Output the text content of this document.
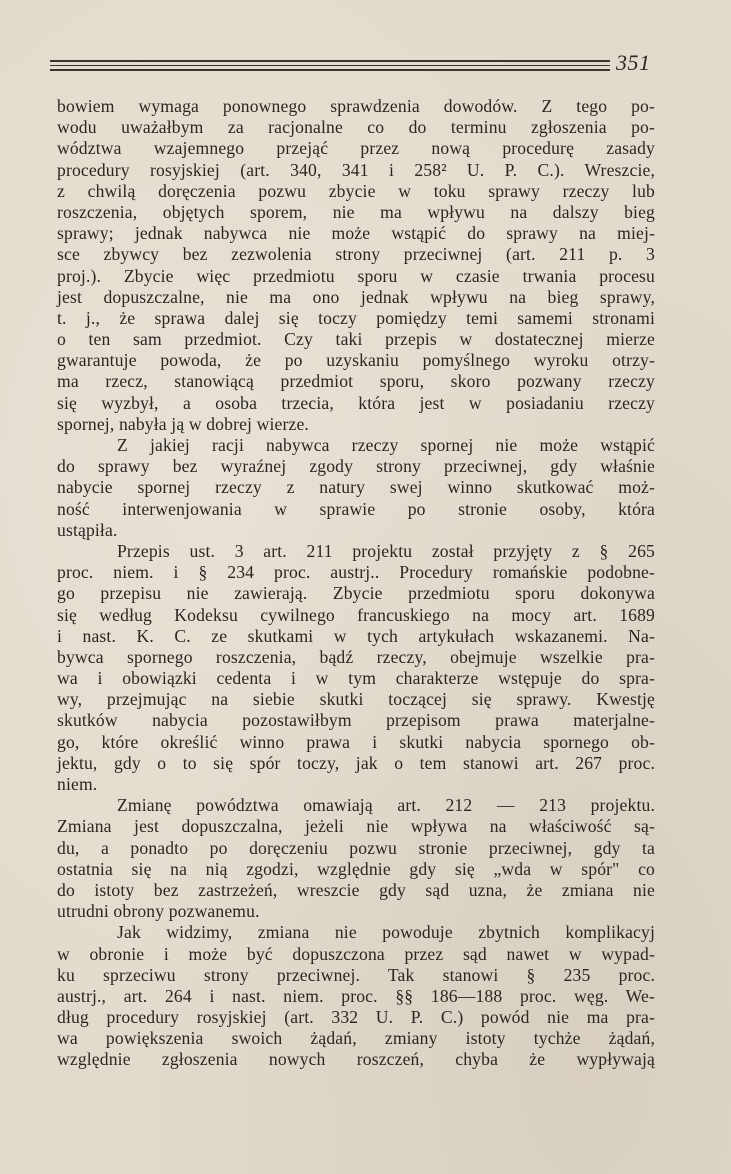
351
bowiem wymaga ponownego sprawdzenia dowodów. Z tego po-
wodu uważałbym za racjonalne co do terminu zgłoszenia po-
wództwa wzajemnego przejąć przez nową procedurę zasady
procedury rosyjskiej (art. 340, 341 i 258² U. P. C.). Wreszcie,
z chwilą doręczenia pozwu zbycie w toku sprawy rzeczy lub
roszczenia, objętych sporem, nie ma wpływu na dalszy bieg
sprawy; jednak nabywca nie może wstąpić do sprawy na miej-
sce zbywcy bez zezwolenia strony przeciwnej (art. 211 p. 3
proj.). Zbycie więc przedmiotu sporu w czasie trwania procesu
jest dopuszczalne, nie ma ono jednak wpływu na bieg sprawy,
t. j., że sprawa dalej się toczy pomiędzy temi samemi stronami
o ten sam przedmiot. Czy taki przepis w dostatecznej mierze
gwarantuje powoda, że po uzyskaniu pomyślnego wyroku otrzy-
ma rzecz, stanowiącą przedmiot sporu, skoro pozwany rzeczy
się wyzbył, a osoba trzecia, która jest w posiadaniu rzeczy
spornej, nabyła ją w dobrej wierze.
Z jakiej racji nabywca rzeczy spornej nie może wstąpić
do sprawy bez wyraźnej zgody strony przeciwnej, gdy właśnie
nabycie spornej rzeczy z natury swej winno skutkować moż-
ność interwenjowania w sprawie po stronie osoby, która
ustąpiła.
Przepis ust. 3 art. 211 projektu został przyjęty z § 265
proc. niem. i § 234 proc. austrj.. Procedury romańskie podobne-
go przepisu nie zawierają. Zbycie przedmiotu sporu dokonywa
się według Kodeksu cywilnego francuskiego na mocy art. 1689
i nast. K. C. ze skutkami w tych artykułach wskazanemi. Na-
bywca spornego roszczenia, bądź rzeczy, obejmuje wszelkie pra-
wa i obowiązki cedenta i w tym charakterze wstępuje do spra-
wy, przejmując na siebie skutki toczącej się sprawy. Kwestję
skutków nabycia pozostawiłbym przepisom prawa materjalne-
go, które określić winno prawa i skutki nabycia spornego ob-
jektu, gdy o to się spór toczy, jak o tem stanowi art. 267 proc.
niem.
Zmianę powództwa omawiają art. 212 — 213 projektu.
Zmiana jest dopuszczalna, jeżeli nie wpływa na właściwość są-
du, a ponadto po doręczeniu pozwu stronie przeciwnej, gdy ta
ostatnia się na nią zgodzi, względnie gdy się „wda w spór" co
do istoty bez zastrzeżeń, wreszcie gdy sąd uzna, że zmiana nie
utrudni obrony pozwanemu.
Jak widzimy, zmiana nie powoduje zbytnich komplikacyj
w obronie i może być dopuszczona przez sąd nawet w wypad-
ku sprzeciwu strony przeciwnej. Tak stanowi § 235 proc.
austrj., art. 264 i nast. niem. proc. §§ 186—188 proc. węg. We-
dług procedury rosyjskiej (art. 332 U. P. C.) powód nie ma pra-
wa powiększenia swoich żądań, zmiany istoty tychże żądań,
względnie zgłoszenia nowych roszczeń, chyba że wypływają
